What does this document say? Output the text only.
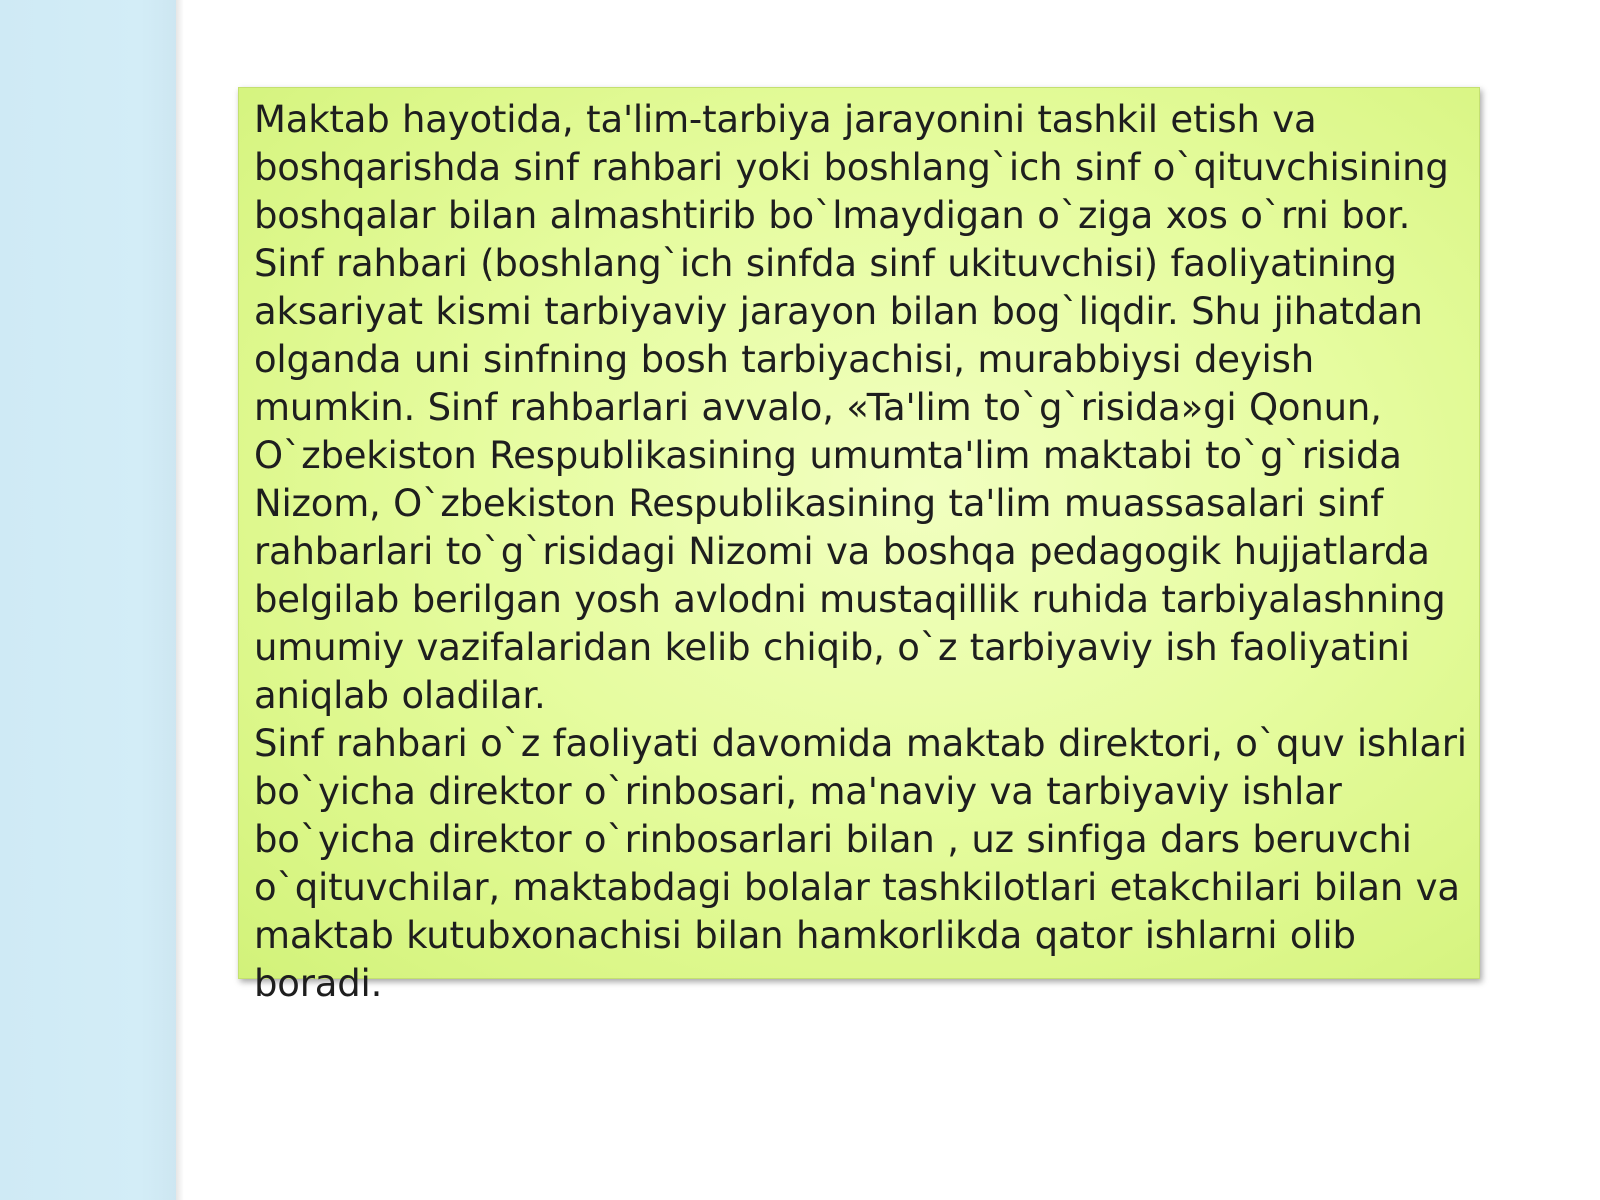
Maktab hayotida, ta'lim-tarbiya jarayonini tashkil etish va boshqarishda sinf rahbari yoki boshlang`ich sinf o`qituvchisining boshqalar bilan almashtirib bo`lmaydigan o`ziga xos o`rni bor. Sinf rahbari (boshlang`ich sinfda sinf ukituvchisi) faoliyatining aksariyat kismi tarbiyaviy jarayon bilan bog`liqdir. Shu jihatdan olganda uni sinfning bosh tarbiyachisi, murabbiysi deyish mumkin. Sinf rahbarlari avvalo, «Ta'lim to`g`risida»gi Qonun, O`zbekiston Respublikasining umumta'lim maktabi to`g`risida Nizom, O`zbekiston Respublikasining ta'lim muassasalari sinf rahbarlari to`g`risidagi Nizomi va boshqa pedagogik hujjatlarda belgilab berilgan yosh avlodni mustaqillik ruhida tarbiyalashning umumiy vazifalaridan kelib chiqib, o`z tarbiyaviy ish faoliyatini aniqlab oladilar.

Sinf rahbari o`z faoliyati davomida maktab direktori, o`quv ishlari bo`yicha direktor o`rinbosari, ma'naviy va tarbiyaviy ishlar bo`yicha direktor o`rinbosarlari bilan , uz sinfiga dars beruvchi o`qituvchilar, maktabdagi bolalar tashkilotlari etakchilari bilan va maktab kutubxonachisi bilan hamkorlikda qator ishlarni olib boradi.
